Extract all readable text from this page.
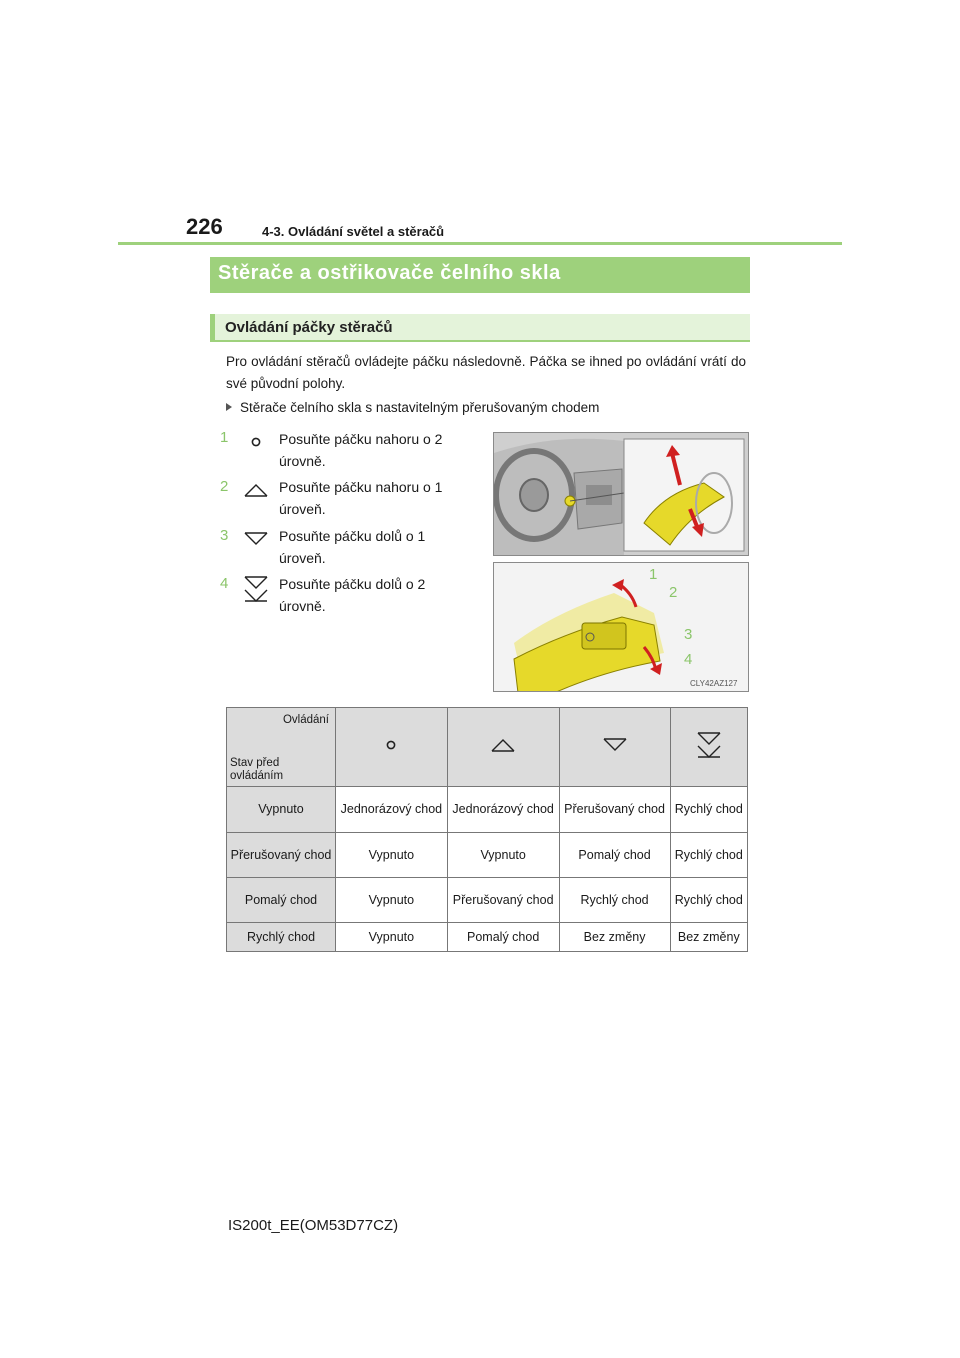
226	4-3. Ovládání světel a stěračů
Stěrače a ostřikovače čelního skla
Ovládání páčky stěračů
Pro ovládání stěračů ovládejte páčku následovně. Páčka se ihned po ovládání vrátí do své původní polohy.
Stěrače čelního skla s nastavitelným přerušovaným chodem
1	Posuňte páčku nahoru o 2 úrovně.
2	Posuňte páčku nahoru o 1 úroveň.
3	Posuňte páčku dolů o 1 úroveň.
4	Posuňte páčku dolů o 2 úrovně.
1
2
3
4
CLY42AZ127
Ovládání
Stav před
ovládáním

Vypnuto	Jednorázový chod	Jednorázový chod	Přerušovaný chod	Rychlý chod
Přerušovaný chod	Vypnuto	Vypnuto	Pomalý chod	Rychlý chod
Pomalý chod	Vypnuto	Přerušovaný chod	Rychlý chod	Rychlý chod
Rychlý chod	Vypnuto	Pomalý chod	Bez změny	Bez změny
IS200t_EE(OM53D77CZ)
